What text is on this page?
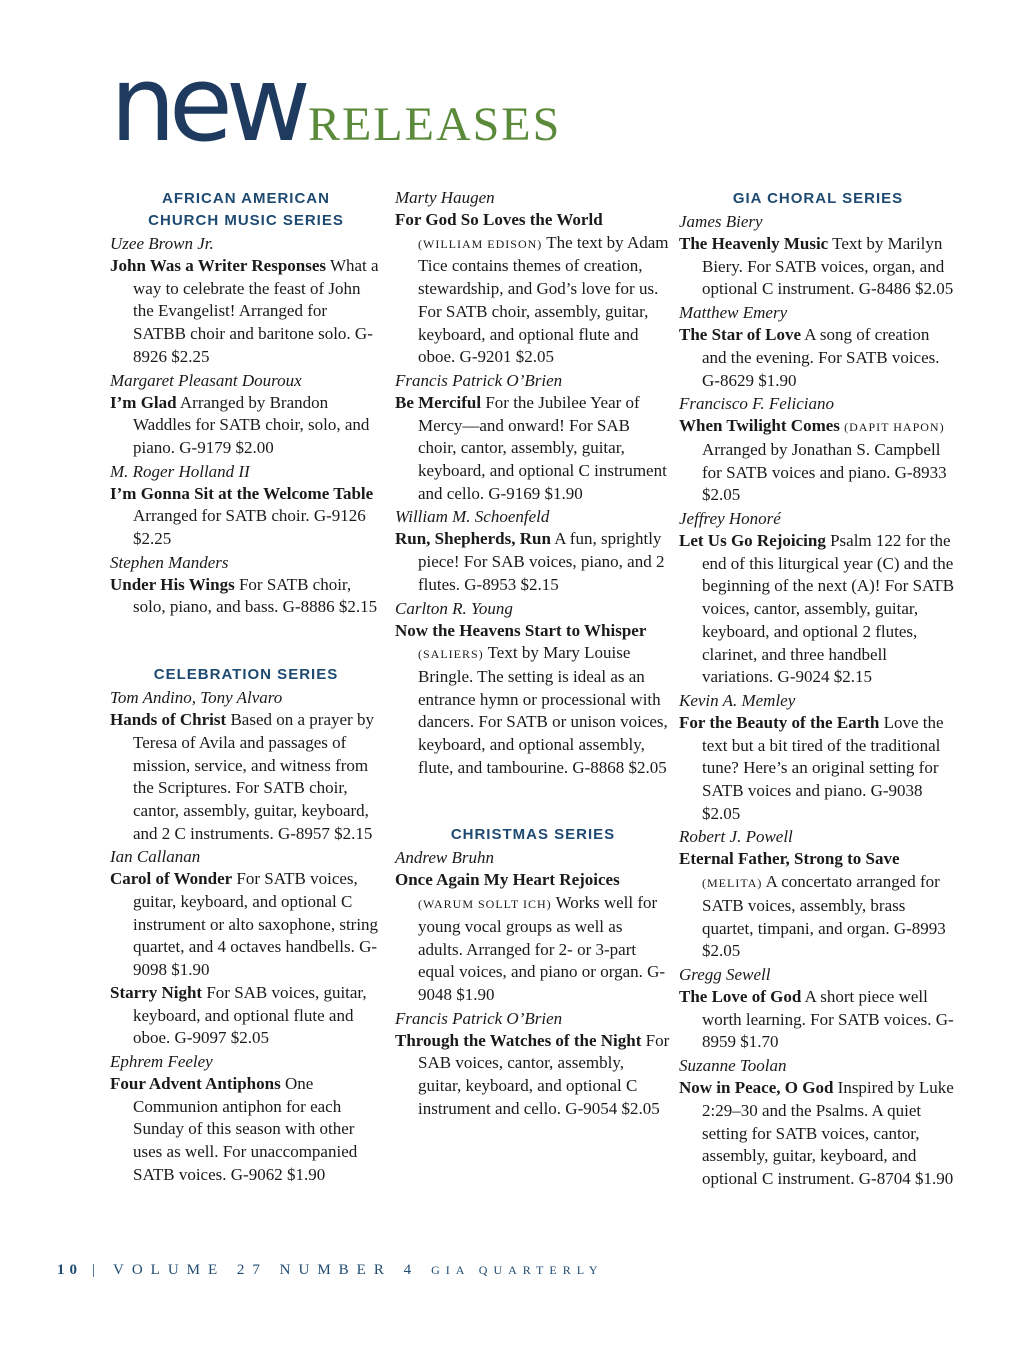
newRELEASES
AFRICAN AMERICAN
CHURCH MUSIC SERIES
Uzee Brown Jr.
John Was a Writer Responses What a way to celebrate the feast of John the Evangelist! Arranged for SATBB choir and baritone solo. G-8926 $2.25
Margaret Pleasant Douroux
I’m Glad Arranged by Brandon Waddles for SATB choir, solo, and piano. G-9179 $2.00
M. Roger Holland II
I’m Gonna Sit at the Welcome Table Arranged for SATB choir. G-9126 $2.25
Stephen Manders
Under His Wings For SATB choir, solo, piano, and bass. G-8886 $2.15
CELEBRATION SERIES
Tom Andino, Tony Alvaro
Hands of Christ Based on a prayer by Teresa of Avila and passages of mission, service, and witness from the Scriptures. For SATB choir, cantor, assembly, guitar, keyboard, and 2 C instruments. G-8957 $2.15
Ian Callanan
Carol of Wonder For SATB voices, guitar, keyboard, and optional C instrument or alto saxophone, string quartet, and 4 octaves handbells. G-9098 $1.90
Starry Night For SAB voices, guitar, keyboard, and optional flute and oboe. G-9097 $2.05
Ephrem Feeley
Four Advent Antiphons One Communion antiphon for each Sunday of this season with other uses as well. For unaccompanied SATB voices. G-9062 $1.90
Marty Haugen
For God So Loves the World (WILLIAM EDISON) The text by Adam Tice contains themes of creation, stewardship, and God’s love for us. For SATB choir, assembly, guitar, keyboard, and optional flute and oboe. G-9201 $2.05
Francis Patrick O’Brien
Be Merciful For the Jubilee Year of Mercy—and onward! For SAB choir, cantor, assembly, guitar, keyboard, and optional C instrument and cello. G-9169 $1.90
William M. Schoenfeld
Run, Shepherds, Run A fun, sprightly piece! For SAB voices, piano, and 2 flutes. G-8953 $2.15
Carlton R. Young
Now the Heavens Start to Whisper (SALIERS) Text by Mary Louise Bringle. The setting is ideal as an entrance hymn or processional with dancers. For SATB or unison voices, keyboard, and optional assembly, flute, and tambourine. G-8868 $2.05
CHRISTMAS SERIES
Andrew Bruhn
Once Again My Heart Rejoices (WARUM SOLLT ICH) Works well for young vocal groups as well as adults. Arranged for 2- or 3-part equal voices, and piano or organ. G-9048 $1.90
Francis Patrick O’Brien
Through the Watches of the Night For SAB voices, cantor, assembly, guitar, keyboard, and optional C instrument and cello. G-9054 $2.05
GIA CHORAL SERIES
James Biery
The Heavenly Music Text by Marilyn Biery. For SATB voices, organ, and optional C instrument. G-8486 $2.05
Matthew Emery
The Star of Love A song of creation and the evening. For SATB voices. G-8629 $1.90
Francisco F. Feliciano
When Twilight Comes (DAPIT HAPON) Arranged by Jonathan S. Campbell for SATB voices and piano. G-8933 $2.05
Jeffrey Honoré
Let Us Go Rejoicing Psalm 122 for the end of this liturgical year (C) and the beginning of the next (A)! For SATB voices, cantor, assembly, guitar, keyboard, and optional 2 flutes, clarinet, and three handbell variations. G-9024 $2.15
Kevin A. Memley
For the Beauty of the Earth Love the text but a bit tired of the traditional tune? Here’s an original setting for SATB voices and piano. G-9038 $2.05
Robert J. Powell
Eternal Father, Strong to Save (MELITA) A concertato arranged for SATB voices, assembly, brass quartet, timpani, and organ. G-8993 $2.05
Gregg Sewell
The Love of God A short piece well worth learning. For SATB voices. G-8959 $1.70
Suzanne Toolan
Now in Peace, O God Inspired by Luke 2:29–30 and the Psalms. A quiet setting for SATB voices, cantor, assembly, guitar, keyboard, and optional C instrument. G-8704 $1.90
10 | VOLUME 27 NUMBER 4 GIA QUARTERLY
